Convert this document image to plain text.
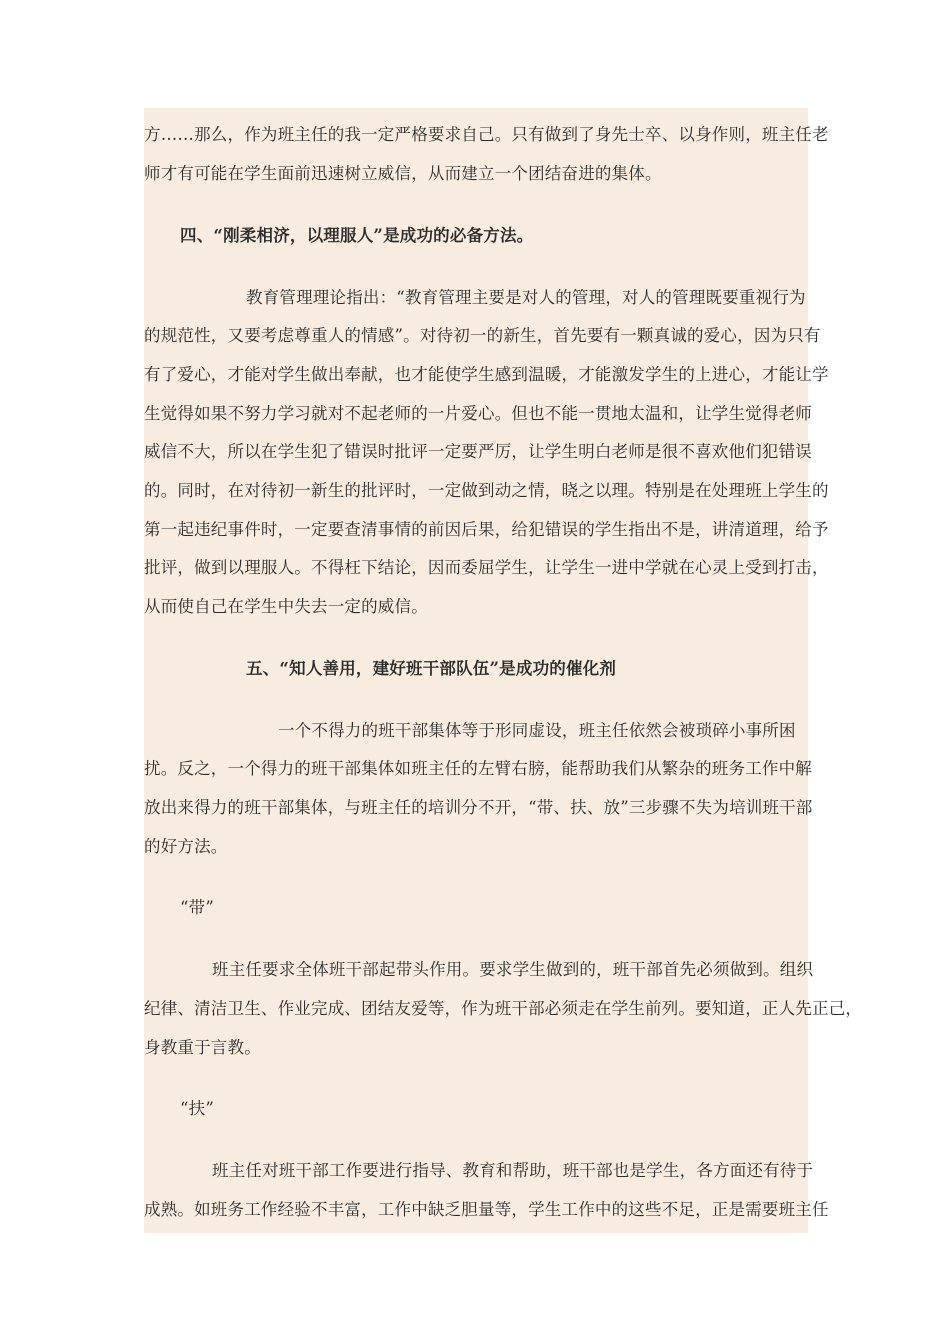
方……那么，作为班主任的我一定严格要求自己。只有做到了身先士卒、以身作则，班主任老
师才有可能在学生面前迅速树立威信，从而建立一个团结奋进的集体。
四、“刚柔相济，以理服人”是成功的必备方法。
教育管理理论指出：“教育管理主要是对人的管理，对人的管理既要重视行为
的规范性，又要考虑尊重人的情感”。对待初一的新生，首先要有一颗真诚的爱心，因为只有
有了爱心，才能对学生做出奉献，也才能使学生感到温暖，才能激发学生的上进心，才能让学
生觉得如果不努力学习就对不起老师的一片爱心。但也不能一贯地太温和，让学生觉得老师
威信不大，所以在学生犯了错误时批评一定要严厉，让学生明白老师是很不喜欢他们犯错误
的。同时，在对待初一新生的批评时，一定做到动之情，晓之以理。特别是在处理班上学生的
第一起违纪事件时，一定要查清事情的前因后果，给犯错误的学生指出不是，讲清道理，给予
批评，做到以理服人。不得枉下结论，因而委屈学生，让学生一进中学就在心灵上受到打击，
从而使自己在学生中失去一定的威信。
五、“知人善用，建好班干部队伍”是成功的催化剂
一个不得力的班干部集体等于形同虚设，班主任依然会被琐碎小事所困
扰。反之，一个得力的班干部集体如班主任的左臂右膀，能帮助我们从繁杂的班务工作中解
放出来得力的班干部集体，与班主任的培训分不开，“带、扶、放”三步骤不失为培训班干部
的好方法。
“带”
班主任要求全体班干部起带头作用。要求学生做到的，班干部首先必须做到。组织
纪律、清洁卫生、作业完成、团结友爱等，作为班干部必须走在学生前列。要知道，正人先正己，
身教重于言教。
“扶”
班主任对班干部工作要进行指导、教育和帮助，班干部也是学生，各方面还有待于
成熟。如班务工作经验不丰富，工作中缺乏胆量等，学生工作中的这些不足，正是需要班主任
